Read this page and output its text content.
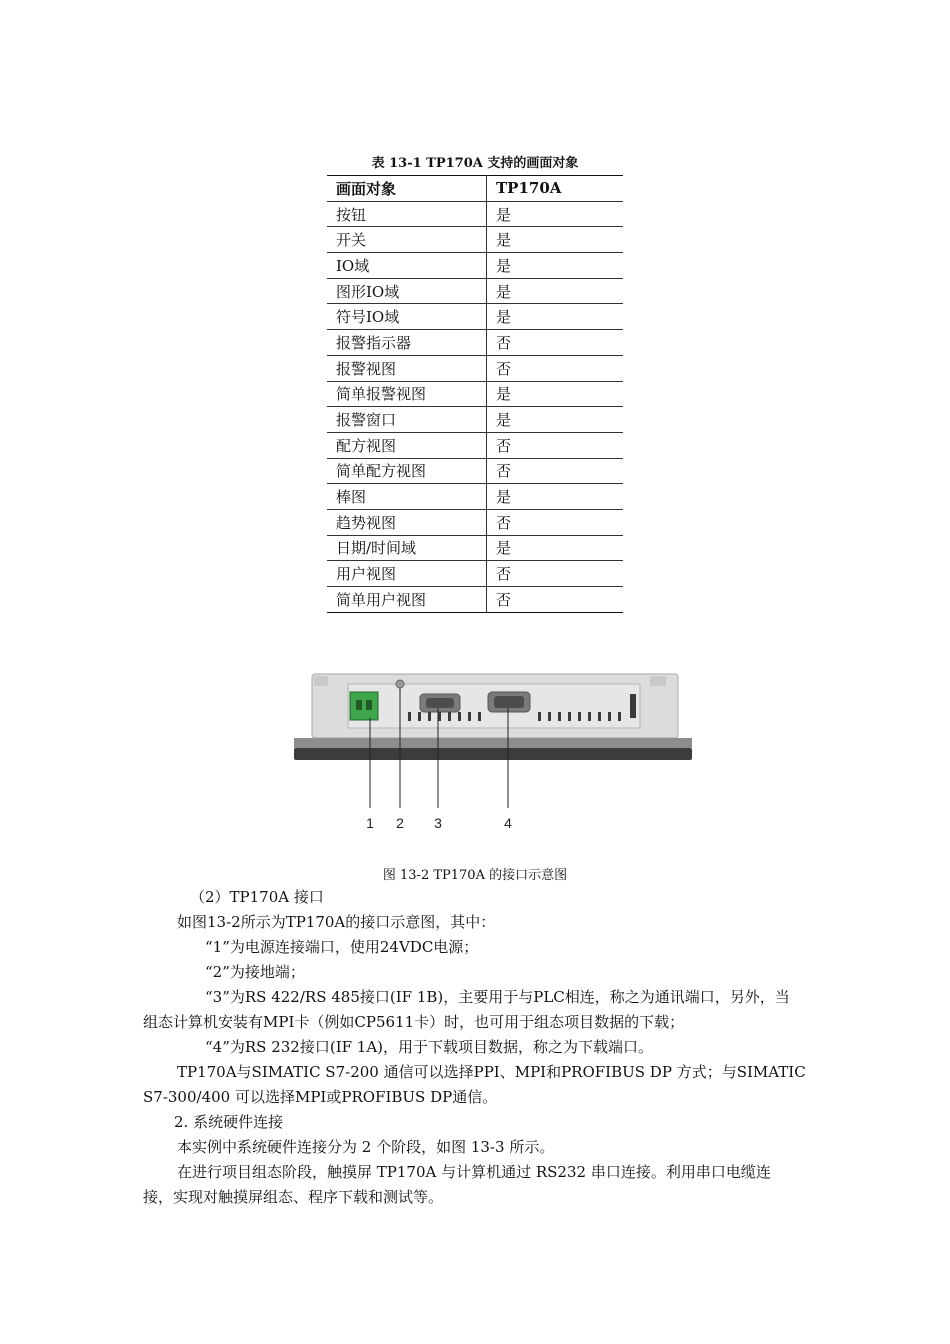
表 13-1 TP170A 支持的画面对象
画面对象	TP170A
按钮	是
开关	是
IO域	是
图形IO域	是
符号IO域	是
报警指示器	否
报警视图	否
简单报警视图	是
报警窗口	是
配方视图	否
简单配方视图	否
棒图	是
趋势视图	否
日期/时间域	是
用户视图	否
简单用户视图	否
1 2 3	4
图 13-2 TP170A 的接口示意图

（2）TP170A 接口

如图13-2所示为TP170A的接口示意图，其中：

“1”为电源连接端口，使用24VDC电源；

“2”为接地端；

“3”为RS 422/RS 485接口(IF 1B)，主要用于与PLC相连，称之为通讯端口，另外，当

组态计算机安装有MPI卡（例如CP5611卡）时，也可用于组态项目数据的下载；

“4”为RS 232接口(IF 1A)，用于下载项目数据，称之为下载端口。

TP170A与SIMATIC S7-200 通信可以选择PPI、MPI和PROFIBUS DP 方式；与SIMATIC

S7-300/400 可以选择MPI或PROFIBUS DP通信。

2. 系统硬件连接

本实例中系统硬件连接分为 2 个阶段，如图 13-3 所示。

在进行项目组态阶段，触摸屏 TP170A 与计算机通过 RS232 串口连接。利用串口电缆连

接，实现对触摸屏组态、程序下载和测试等。
